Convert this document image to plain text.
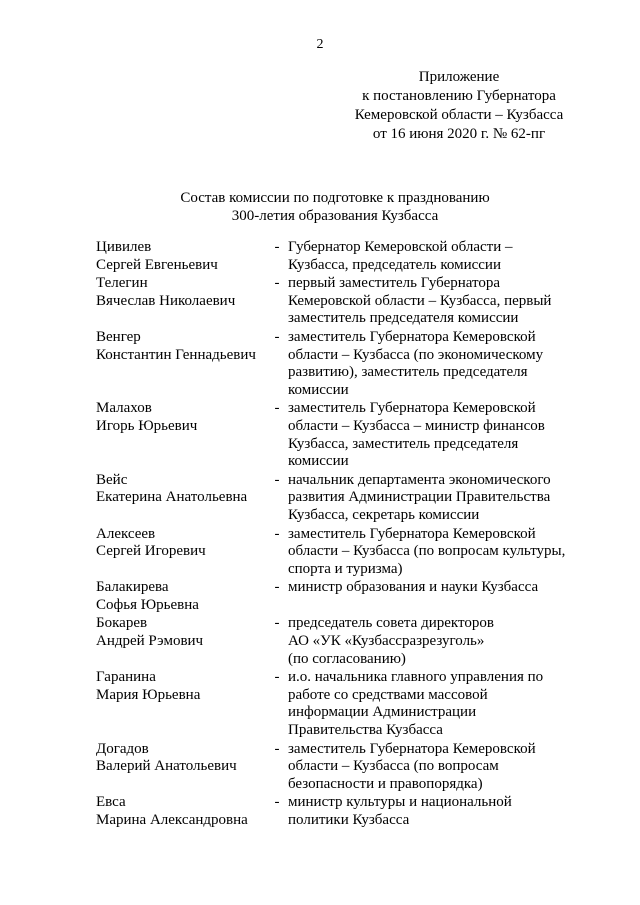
2
Приложение
к постановлению Губернатора
Кемеровской области – Кузбасса
от 16 июня 2020 г. № 62-пг
Состав комиссии по подготовке к празднованию
300-летия образования Кузбасса
Цивилев
Сергей Евгеньевич
- Губернатор Кемеровской области –
Кузбасса, председатель комиссии
Телегин
Вячеслав Николаевич
- первый заместитель Губернатора
Кемеровской области – Кузбасса, первый
заместитель председателя комиссии
Венгер
Константин Геннадьевич
- заместитель Губернатора Кемеровской
области – Кузбасса (по экономическому
развитию), заместитель председателя
комиссии
Малахов
Игорь Юрьевич
- заместитель Губернатора Кемеровской
области – Кузбасса – министр финансов
Кузбасса, заместитель председателя
комиссии
Вейс
Екатерина Анатольевна
- начальник департамента экономического
развития Администрации Правительства
Кузбасса, секретарь комиссии
Алексеев
Сергей Игоревич
- заместитель Губернатора Кемеровской
области – Кузбасса (по вопросам культуры,
спорта и туризма)
Балакирева
Софья Юрьевна
- министр образования и науки Кузбасса
Бокарев
Андрей Рэмович
- председатель совета директоров
АО «УК «Кузбассразрезуголь»
(по согласованию)
Гаранина
Мария Юрьевна
- и.о. начальника главного управления по
работе со средствами массовой
информации Администрации
Правительства Кузбасса
Догадов
Валерий Анатольевич
- заместитель Губернатора Кемеровской
области – Кузбасса (по вопросам
безопасности и правопорядка)
Евса
Марина Александровна
- министр культуры и национальной
политики Кузбасса
